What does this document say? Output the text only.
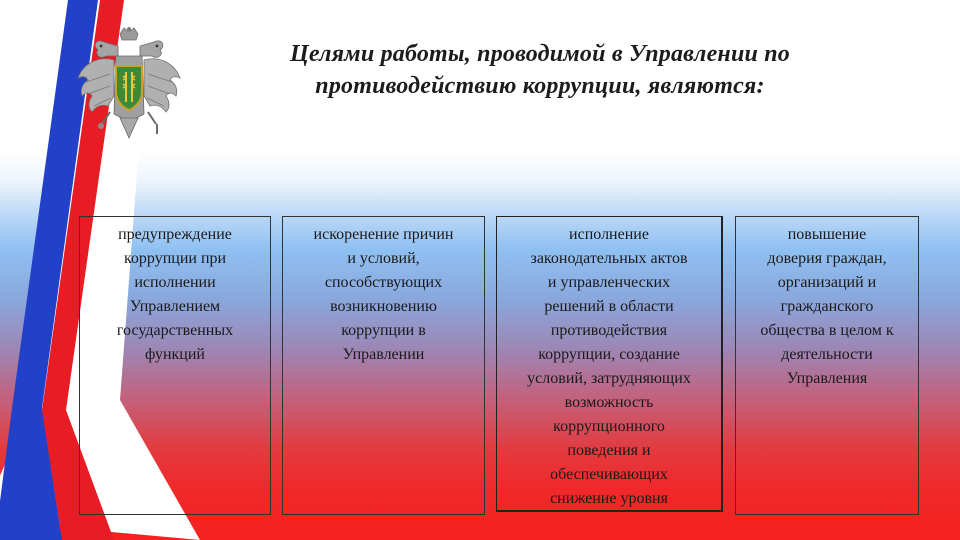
Целями работы, проводимой в Управлении по
противодействию коррупции, являются:
предупреждение
коррупции при
исполнении
Управлением
государственных
функций
искоренение причин
и условий,
способствующих
возникновению
коррупции в
Управлении
исполнение
законодательных актов
и управленческих
решений в области
противодействия
коррупции, создание
условий, затрудняющих
возможность
коррупционного
поведения и
обеспечивающих
снижение уровня
повышение
доверия граждан,
организаций и
гражданского
общества в целом к
деятельности
Управления
